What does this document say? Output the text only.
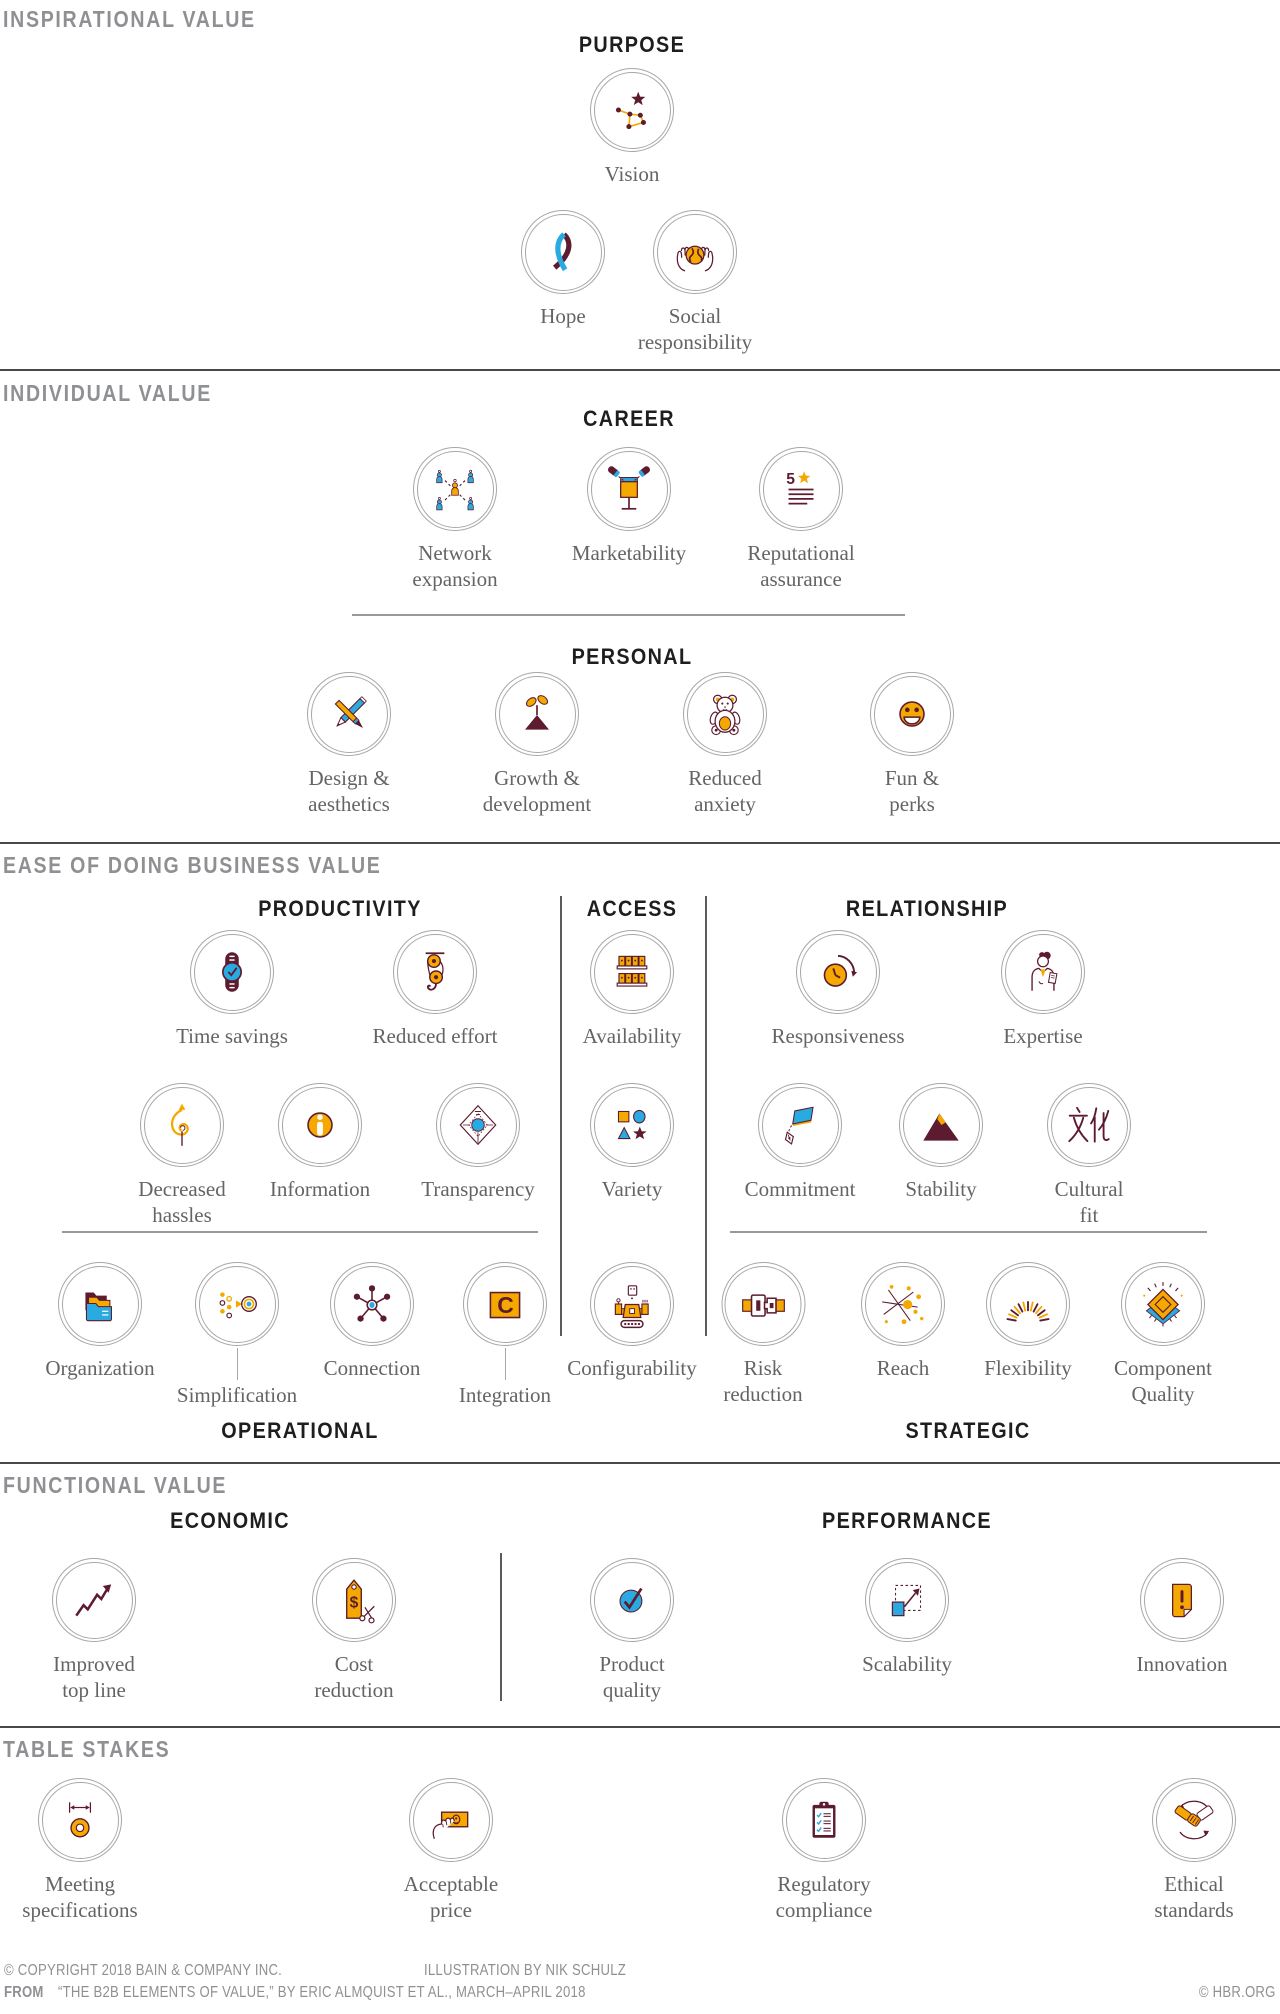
INSPIRATIONAL VALUE
INDIVIDUAL VALUE
EASE OF DOING BUSINESS VALUE
FUNCTIONAL VALUE
TABLE STAKES
PURPOSE
CAREER
PERSONAL
PRODUCTIVITY	ACCESS	RELATIONSHIP
OPERATIONAL	STRATEGIC
ECONOMIC	PERFORMANCE
Vision
Hope	Social responsibility
Network expansion
Marketability
5
Reputational assurance
Design & aesthetics
Growth & development
Reduced anxiety
Fun & perks
Time savings	Reduced effort	Availability	Responsiveness	Expertise
Decreased hassles
Information	Transparency	Variety	Commitment	Stability	Cultural fit
Organization
Simplification
Connection
C
Integration
Configurability	Risk reduction
Reach	Flexibility	Component Quality
Improved top line
$
Cost reduction
Product quality
Scalability	Innovation
Meeting specifications
Acceptable price
Regulatory compliance
Ethical standards
© COPYRIGHT 2018 BAIN & COMPANY INC.	ILLUSTRATION BY NIK SCHULZ
FROM “THE B2B ELEMENTS OF VALUE,” BY ERIC ALMQUIST ET AL., MARCH–APRIL 2018	© HBR.ORG
